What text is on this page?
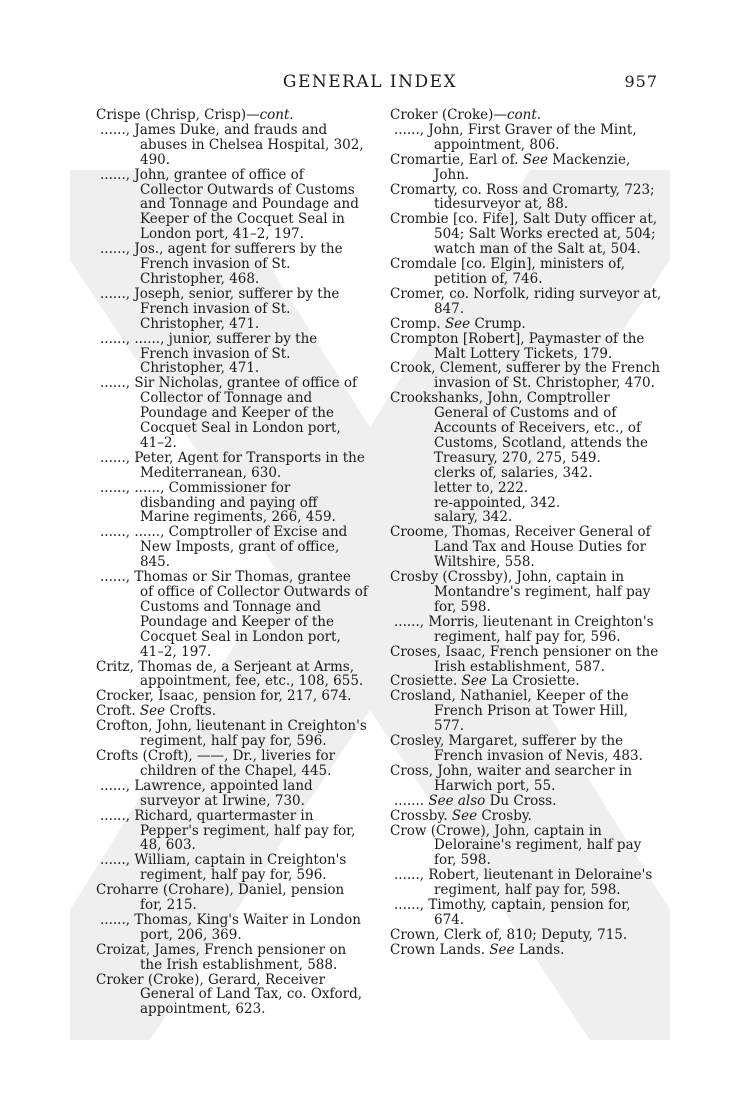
GENERAL INDEX	957

Crispe (Chrisp, Crisp)—cont.

......, James Duke, and frauds and abuses in Chelsea Hospital, 302, 490.

......, John, grantee of office of Collector Outwards of Customs and Tonnage and Poundage and Keeper of the Cocquet Seal in London port, 41–2, 197.

......, Jos., agent for sufferers by the French invasion of St. Christopher, 468.

......, Joseph, senior, sufferer by the French invasion of St. Christopher, 471.

......, ......, junior, sufferer by the French invasion of St. Christopher, 471.

......, Sir Nicholas, grantee of office of Collector of Tonnage and Poundage and Keeper of the Cocquet Seal in London port, 41–2.

......, Peter, Agent for Transports in the Mediterranean, 630.

......, ......, Commissioner for disbanding and paying off Marine regiments, 266, 459.

......, ......, Comptroller of Excise and New Imposts, grant of office, 845.

......, Thomas or Sir Thomas, grantee of office of Collector Outwards of Customs and Tonnage and Poundage and Keeper of the Cocquet Seal in London port, 41–2, 197.

Critz, Thomas de, a Serjeant at Arms, appointment, fee, etc., 108, 655.

Crocker, Isaac, pension for, 217, 674.

Croft. See Crofts.

Crofton, John, lieutenant in Creighton's regiment, half pay for, 596.

Crofts (Croft), ——, Dr., liveries for children of the Chapel, 445.

......, Lawrence, appointed land surveyor at Irwine, 730.

......, Richard, quartermaster in Pepper's regiment, half pay for, 48, 603.

......, William, captain in Creighton's regiment, half pay for, 596.

Croharre (Crohare), Daniel, pension for, 215.

......, Thomas, King's Waiter in London port, 206, 369.

Croizat, James, French pensioner on the Irish establishment, 588.

Croker (Croke), Gerard, Receiver General of Land Tax, co. Oxford, appointment, 623.

Croker (Croke)—cont.

......, John, First Graver of the Mint, appointment, 806.

Cromartie, Earl of. See Mackenzie, John.

Cromarty, co. Ross and Cromarty, 723; tidesurveyor at, 88.

Crombie [co. Fife], Salt Duty officer at, 504; Salt Works erected at, 504; watch man of the Salt at, 504.

Cromdale [co. Elgin], ministers of, petition of, 746.

Cromer, co. Norfolk, riding surveyor at, 847.

Cromp. See Crump.

Crompton [Robert], Paymaster of the Malt Lottery Tickets, 179.

Crook, Clement, sufferer by the French invasion of St. Christopher, 470.

Crookshanks, John, Comptroller General of Customs and of Accounts of Receivers, etc., of Customs, Scotland, attends the Treasury, 270, 275, 549.

clerks of, salaries, 342.

letter to, 222.

re-appointed, 342.

salary, 342.

Croome, Thomas, Receiver General of Land Tax and House Duties for Wiltshire, 558.

Crosby (Crossby), John, captain in Montandre's regiment, half pay for, 598.

......, Morris, lieutenant in Creighton's regiment, half pay for, 596.

Croses, Isaac, French pensioner on the Irish establishment, 587.

Crosiette. See La Crosiette.

Crosland, Nathaniel, Keeper of the French Prison at Tower Hill, 577.

Crosley, Margaret, sufferer by the French invasion of Nevis, 483.

Cross, John, waiter and searcher in Harwich port, 55.

....... See also Du Cross.

Crossby. See Crosby.

Crow (Crowe), John, captain in Deloraine's regiment, half pay for, 598.

......, Robert, lieutenant in Deloraine's regiment, half pay for, 598.

......, Timothy, captain, pension for, 674.

Crown, Clerk of, 810; Deputy, 715.

Crown Lands. See Lands.
